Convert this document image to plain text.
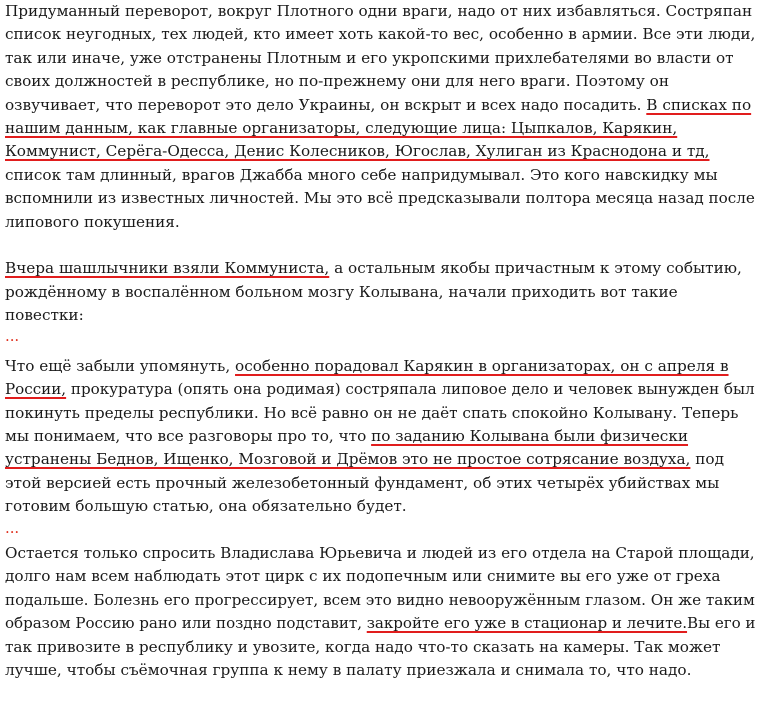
Придуманный переворот, вокруг Плотного одни враги, надо от них избавляться. Состряпан
список неугодных, тех людей, кто имеет хоть какой-то вес, особенно в армии. Все эти люди,
так или иначе, уже отстранены Плотным и его укропскими прихлебателями во власти от
своих должностей в республике, но по-прежнему они для него враги. Поэтому он
озвучивает, что переворот это дело Украины, он вскрыт и всех надо посадить. В списках по
нашим данным, как главные организаторы, следующие лица: Цыпкалов, Карякин,
Коммунист, Серёга-Одесса, Денис Колесников, Югослав, Хулиган из Краснодона и тд,
список там длинный, врагов Джабба много себе напридумывал. Это кого навскидку мы
вспомнили из известных личностей. Мы это всё предсказывали полтора месяца назад после
липового покушения.
Вчера шашлычники взяли Коммуниста, а остальным якобы причастным к этому событию,
рождённому в воспалённом больном мозгу Колывана, начали приходить вот такие
повестки:
...
Что ещё забыли упомянуть, особенно порадовал Карякин в организаторах, он с апреля в
России, прокуратура (опять она родимая) состряпала липовое дело и человек вынужден был
покинуть пределы республики. Но всё равно он не даёт спать спокойно Колывану. Теперь
мы понимаем, что все разговоры про то, что по заданию Колывана были физически
устранены Беднов, Ищенко, Мозговой и Дрёмов это не простое сотрясание воздуха, под
этой версией есть прочный железобетонный фундамент, об этих четырёх убийствах мы
готовим большую статью, она обязательно будет.
...
Остается только спросить Владислава Юрьевича и людей из его отдела на Старой площади,
долго нам всем наблюдать этот цирк с их подопечным или снимите вы его уже от греха
подальше. Болезнь его прогрессирует, всем это видно невооружённым глазом. Он же таким
образом Россию рано или поздно подставит, закройте его уже в стационар и лечите.Вы его и
так привозите в республику и увозите, когда надо что-то сказать на камеры. Так может
лучше, чтобы съёмочная группа к нему в палату приезжала и снимала то, что надо.
